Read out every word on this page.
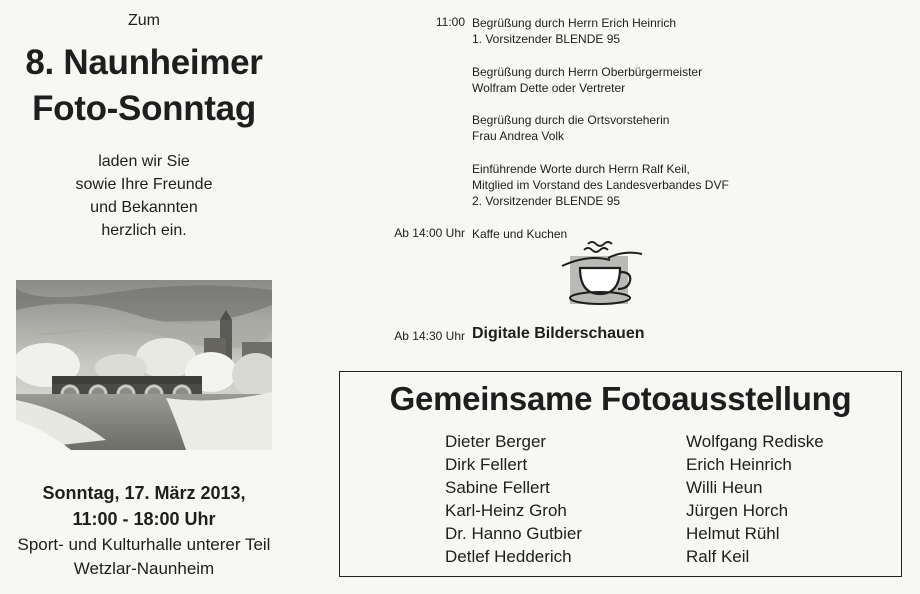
Zum
8. Naunheimer
Foto-Sonntag
laden wir Sie
sowie Ihre Freunde
und Bekannten
herzlich ein.
Sonntag, 17. März 2013,
11:00 - 18:00 Uhr
Sport- und Kulturhalle unterer Teil
Wetzlar-Naunheim
11:00 Begrüßung durch Herrn Erich Heinrich
1. Vorsitzender BLENDE 95
Begrüßung durch Herrn Oberbürgermeister
Wolfram Dette oder Vertreter
Begrüßung durch die Ortsvorsteherin
Frau Andrea Volk
Einführende Worte durch Herrn Ralf Keil,
Mitglied im Vorstand des Landesverbandes DVF
2. Vorsitzender BLENDE 95
Ab 14:00 Uhr Kaffe und Kuchen
Ab 14:30 Uhr Digitale Bilderschauen
Gemeinsame Fotoausstellung
Dieter Berger
Dirk Fellert
Sabine Fellert
Karl-Heinz Groh
Dr. Hanno Gutbier
Detlef Hedderich
Wolfgang Rediske
Erich Heinrich
Willi Heun
Jürgen Horch
Helmut Rühl
Ralf Keil
